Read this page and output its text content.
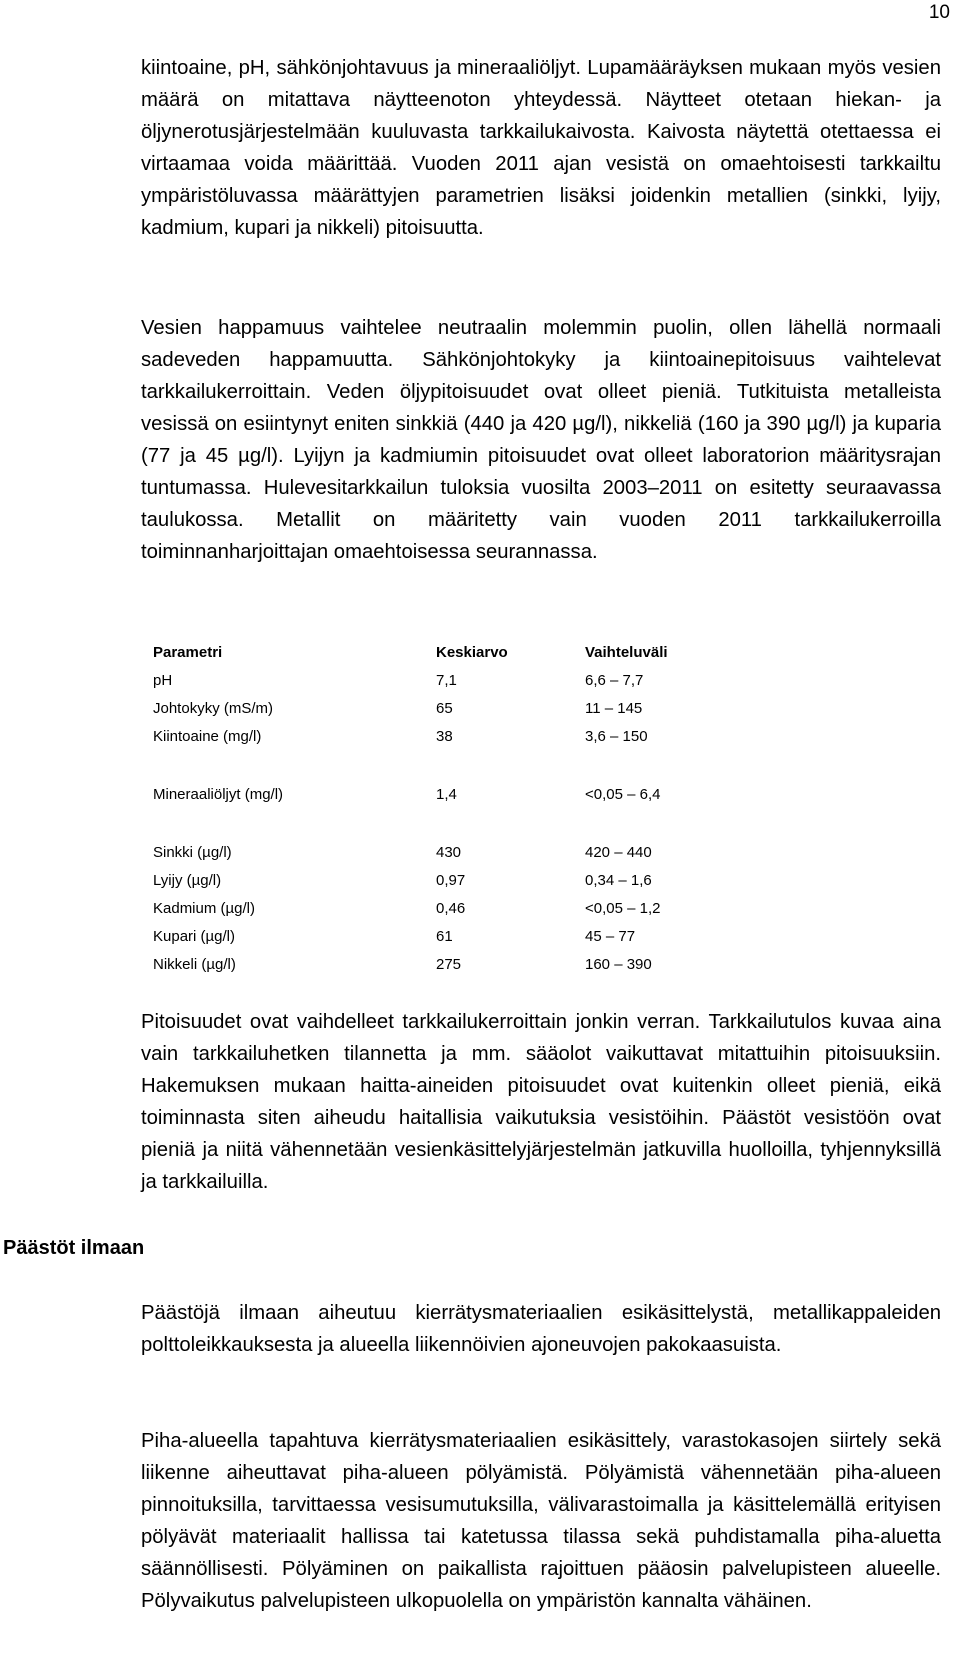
10

kiintoaine, pH, sähkönjohtavuus ja mineraaliöljyt. Lupamääräyksen mukaan myös vesien määrä on mitattava näytteenoton yhteydessä. Näytteet otetaan hiekan- ja öljynerotusjärjestelmään kuuluvasta tarkkailukaivosta. Kaivosta näytettä otettaessa ei virtaamaa voida määrittää. Vuoden 2011 ajan vesistä on omaehtoisesti tarkkailtu ympäristöluvassa määrättyjen parametrien lisäksi joidenkin metallien (sinkki, lyijy, kadmium, kupari ja nikkeli) pitoisuutta.

Vesien happamuus vaihtelee neutraalin molemmin puolin, ollen lähellä normaali sadeveden happamuutta. Sähkönjohtokyky ja kiintoainepitoisuus vaihtelevat tarkkailukerroittain. Veden öljypitoisuudet ovat olleet pieniä. Tutkituista metalleista vesissä on esiintynyt eniten sinkkiä (440 ja 420 µg/l), nikkeliä (160 ja 390 µg/l) ja kuparia (77 ja 45 µg/l). Lyijyn ja kadmiumin pitoisuudet ovat olleet laboratorion määritysrajan tuntumassa. Hulevesitarkkailun tuloksia vuosilta 2003–2011 on esitetty seuraavassa taulukossa. Metallit on määritetty vain vuoden 2011 tarkkailukerroilla toiminnanharjoittajan omaehtoisessa seurannassa.

Parametri	Keskiarvo	Vaihteluväli
pH	7,1	6,6 – 7,7
Johtokyky (mS/m)	65	11 – 145
Kiintoaine (mg/l)	38	3,6 – 150

Mineraaliöljyt (mg/l)	1,4	<0,05 – 6,4

Sinkki (µg/l)	430	420 – 440
Lyijy (µg/l)	0,97	0,34 – 1,6
Kadmium (µg/l)	0,46	<0,05 – 1,2
Kupari (µg/l)	61	45 – 77
Nikkeli (µg/l)	275	160 – 390

Pitoisuudet ovat vaihdelleet tarkkailukerroittain jonkin verran. Tarkkailutulos kuvaa aina vain tarkkailuhetken tilannetta ja mm. sääolot vaikuttavat mitattuihin pitoisuuksiin. Hakemuksen mukaan haitta-aineiden pitoisuudet ovat kuitenkin olleet pieniä, eikä toiminnasta siten aiheudu haitallisia vaikutuksia vesistöihin. Päästöt vesistöön ovat pieniä ja niitä vähennetään vesienkäsittelyjärjestelmän jatkuvilla huolloilla, tyhjennyksillä ja tarkkailuilla.

Päästöt ilmaan

Päästöjä ilmaan aiheutuu kierrätysmateriaalien esikäsittelystä, metallikappaleiden polttoleikkauksesta ja alueella liikennöivien ajoneuvojen pakokaasuista.

Piha-alueella tapahtuva kierrätysmateriaalien esikäsittely, varastokasojen siirtely sekä liikenne aiheuttavat piha-alueen pölyämistä. Pölyämistä vähennetään piha-alueen pinnoituksilla, tarvittaessa vesisumutuksilla, välivarastoimalla ja käsittelemällä erityisen pölyävät materiaalit hallissa tai katetussa tilassa sekä puhdistamalla piha-aluetta säännöllisesti. Pölyäminen on paikallista rajoittuen pääosin palvelupisteen alueelle. Pölyvaikutus palvelupisteen ulkopuolella on ympäristön kannalta vähäinen.
